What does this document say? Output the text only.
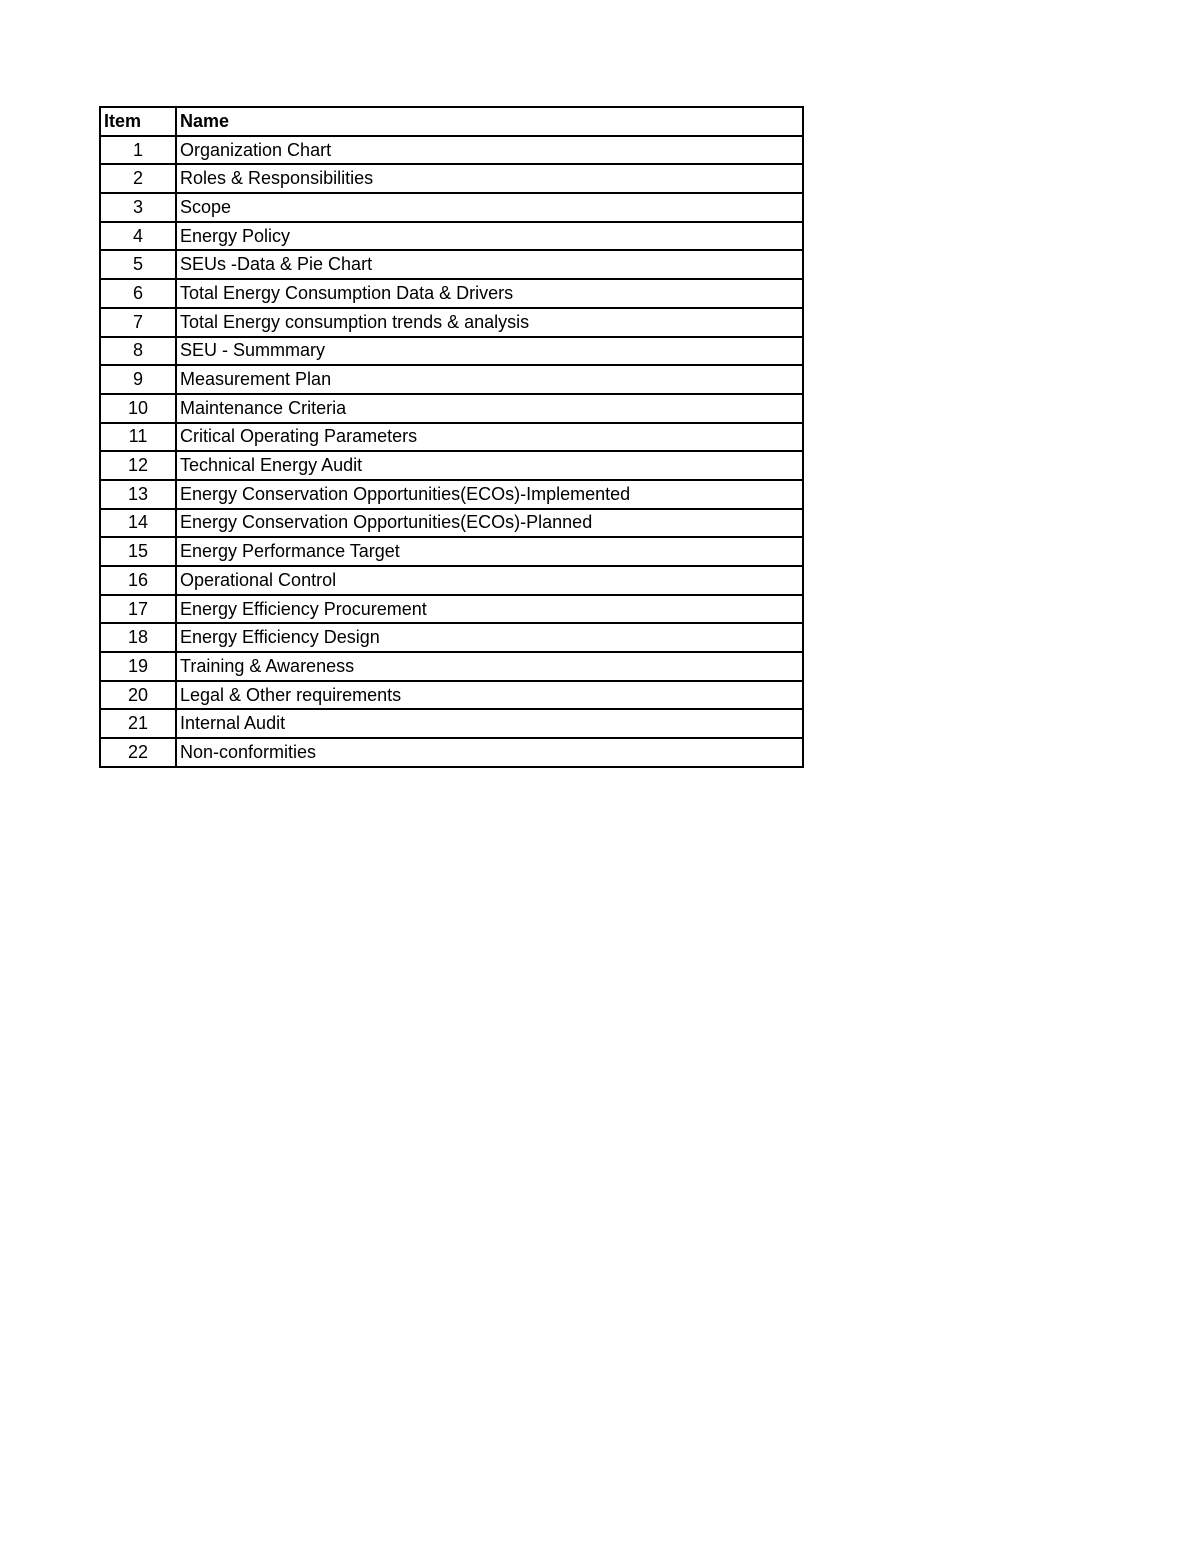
Item	Name
1	Organization Chart
2	Roles & Responsibilities
3	Scope
4	Energy Policy
5	SEUs -Data & Pie Chart
6	Total Energy Consumption Data & Drivers
7	Total Energy consumption trends & analysis
8	SEU - Summmary
9	Measurement Plan
10	Maintenance Criteria
11	Critical Operating Parameters
12	Technical Energy Audit
13	Energy Conservation Opportunities(ECOs)-Implemented
14	Energy Conservation Opportunities(ECOs)-Planned
15	Energy Performance Target
16	Operational Control
17	Energy Efficiency Procurement
18	Energy Efficiency Design
19	Training & Awareness
20	Legal & Other requirements
21	Internal Audit
22	Non-conformities
